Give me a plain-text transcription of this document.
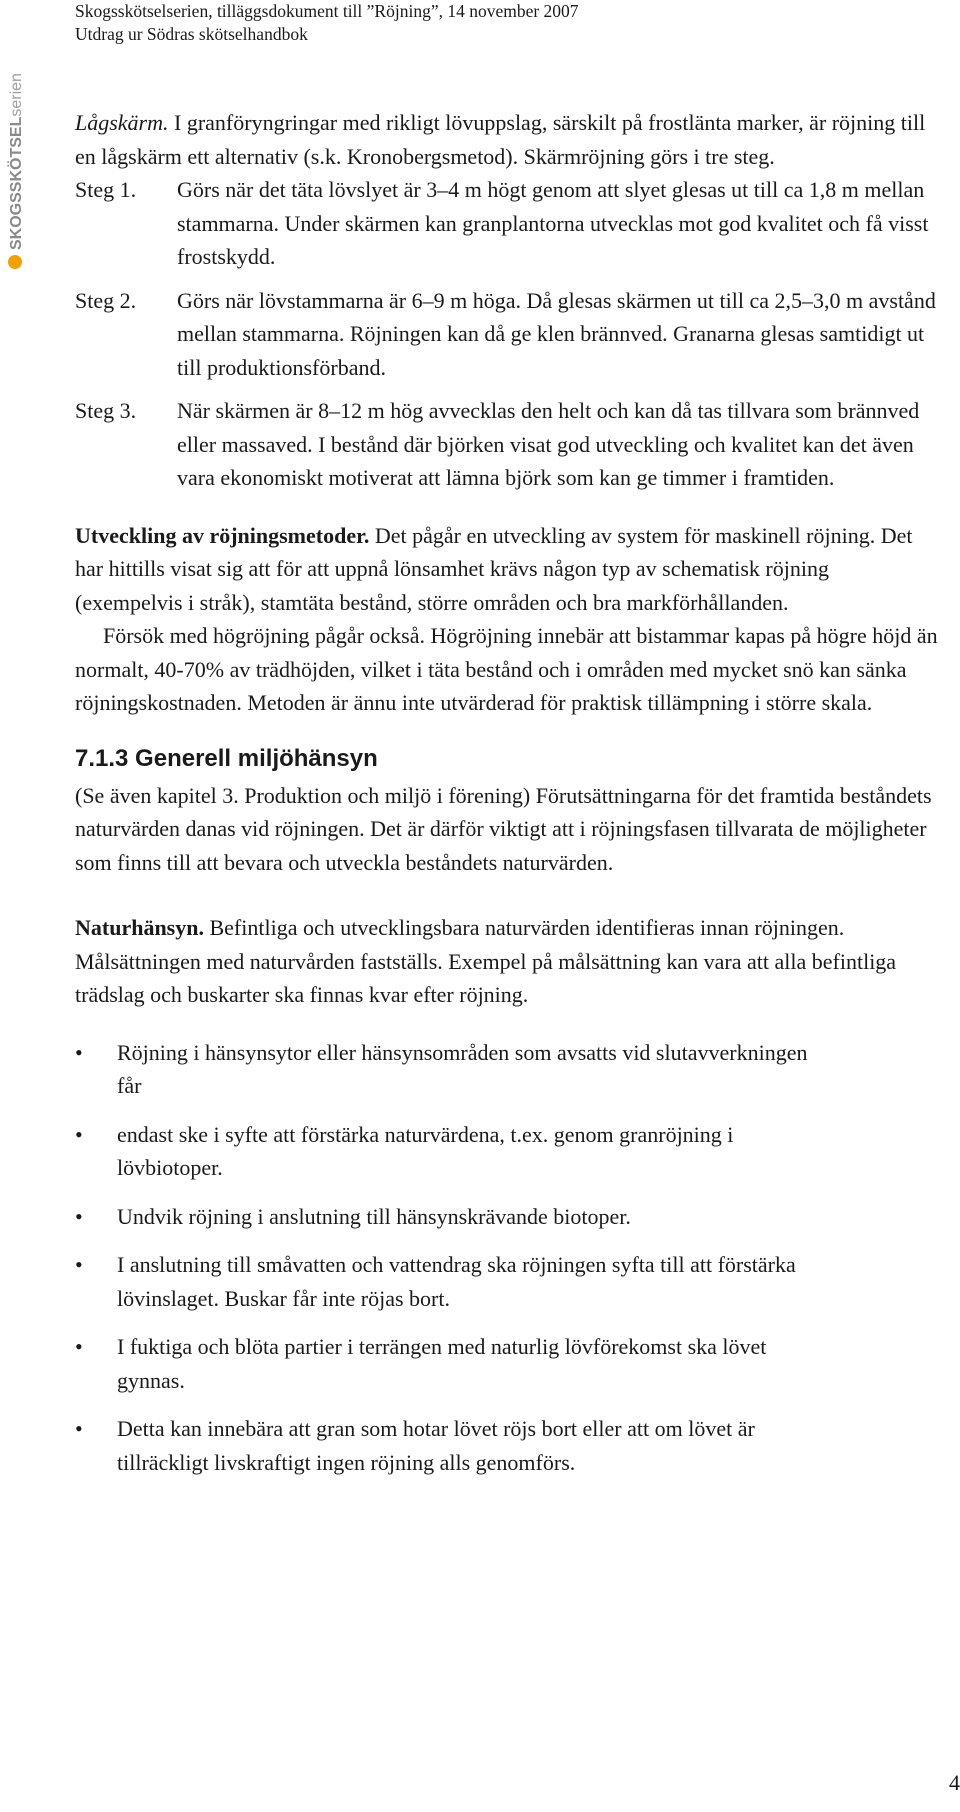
Skogsskötselserien, tilläggsdokument till ”Röjning”, 14 november 2007
Utdrag ur Södras skötselhandbok
SKOGSSKÖTSELserien

Lågskärm. I granföryngringar med rikligt lövuppslag, särskilt på frostlänta marker, är röjning till en lågskärm ett alternativ (s.k. Kronobergsmetod). Skärmröjning görs i tre steg.

Steg 1.	Görs när det täta lövslyet är 3–4 m högt genom att slyet glesas ut till ca 1,8 m mellan stammarna. Under skärmen kan granplantorna utvecklas mot god kvalitet och få visst frostskydd.
Steg 2.	Görs när lövstammarna är 6–9 m höga. Då glesas skärmen ut till ca 2,5–3,0 m avstånd mellan stammarna. Röjningen kan då ge klen brännved. Granarna glesas samtidigt ut till produktionsförband.
Steg 3.	När skärmen är 8–12 m hög avvecklas den helt och kan då tas tillvara som brännved eller massaved. I bestånd där björken visat god utveckling och kvalitet kan det även vara ekonomiskt motiverat att lämna björk som kan ge timmer i framtiden.

Utveckling av röjningsmetoder. Det pågår en utveckling av system för maskinell röjning. Det har hittills visat sig att för att uppnå lönsamhet krävs någon typ av schematisk röjning (exempelvis i stråk), stamtäta bestånd, större områden och bra markförhållanden.

Försök med högröjning pågår också. Högröjning innebär att bistammar kapas på högre höjd än normalt, 40-70% av trädhöjden, vilket i täta bestånd och i områden med mycket snö kan sänka röjningskostnaden. Metoden är ännu inte utvärderad för praktisk tillämpning i större skala.

7.1.3 Generell miljöhänsyn

(Se även kapitel 3. Produktion och miljö i förening) Förutsättningarna för det framtida beståndets naturvärden danas vid röjningen. Det är därför viktigt att i röjningsfasen tillvarata de möjligheter som finns till att bevara och utveckla beståndets naturvärden.

Naturhänsyn. Befintliga och utvecklingsbara naturvärden identifieras innan röjningen. Målsättningen med naturvården fastställs. Exempel på målsättning kan vara att alla befintliga trädslag och buskarter ska finnas kvar efter röjning.

•	Röjning i hänsynsytor eller hänsynsområden som avsatts vid slutavverkningen får
•	endast ske i syfte att förstärka naturvärdena, t.ex. genom granröjning i lövbiotoper.
•	Undvik röjning i anslutning till hänsynskrävande biotoper.
•	I anslutning till småvatten och vattendrag ska röjningen syfta till att förstärka lövinslaget. Buskar får inte röjas bort.
•	I fuktiga och blöta partier i terrängen med naturlig lövförekomst ska lövet gynnas.
•	Detta kan innebära att gran som hotar lövet röjs bort eller att om lövet är tillräckligt livskraftigt ingen röjning alls genomförs.
4
